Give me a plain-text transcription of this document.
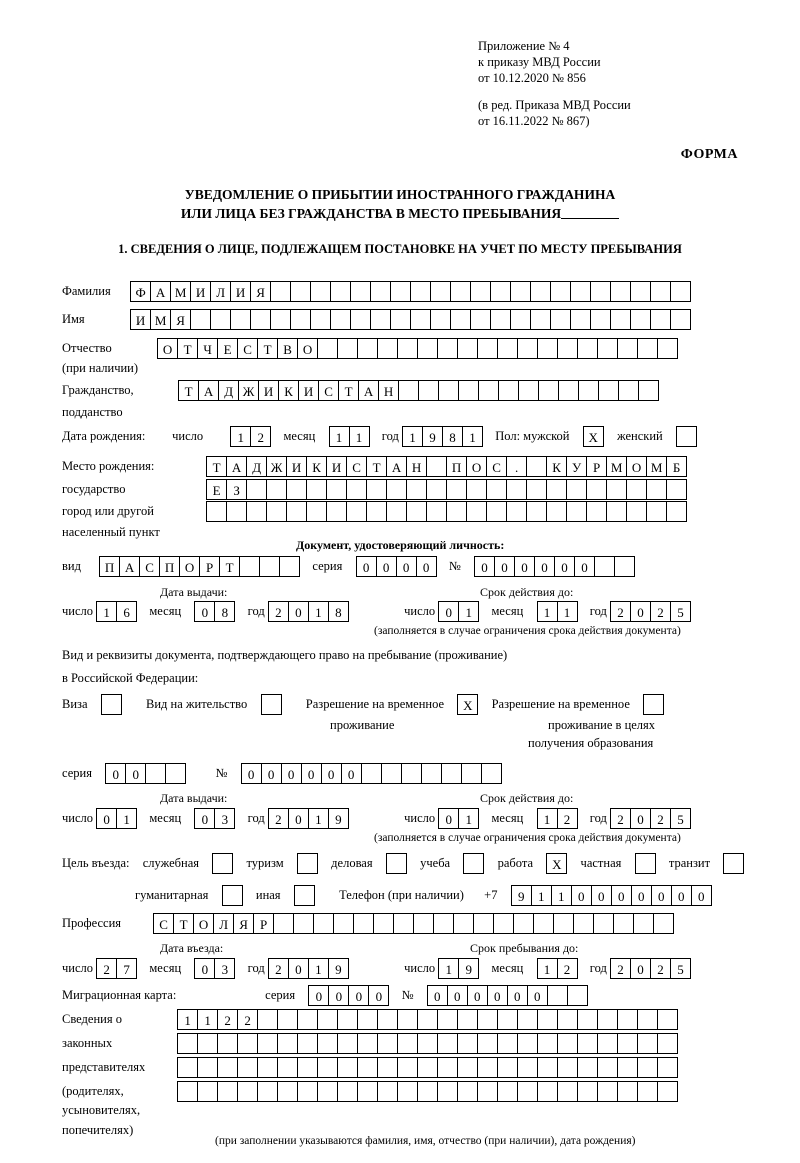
Приложение № 4
к приказу МВД России
от 10.12.2020 № 856
(в ред. Приказа МВД России
от 16.11.2022 № 867)
ФОРМА
УВЕДОМЛЕНИЕ О ПРИБЫТИИ ИНОСТРАННОГО ГРАЖДАНИНА
ИЛИ ЛИЦА БЕЗ ГРАЖДАНСТВА В МЕСТО ПРЕБЫВАНИЯ
1. СВЕДЕНИЯ О ЛИЦЕ, ПОДЛЕЖАЩЕМ ПОСТАНОВКЕ НА УЧЕТ ПО МЕСТУ ПРЕБЫВАНИЯ
Фамилия Ф А М И Л И Я
Имя	И М Я
Отчество	О Т Ч Е С Т В О
(при наличии)
Гражданство,	Т А Д Ж И К И С Т А Н
подданство
Дата рождения: число	1 2 месяц 1 1 год 1 9 8 1 Пол: мужской Х женский
Место рождения:	Т А Д Ж И К И С Т А Н П О С .	К У Р М О М Б
государство	Е З
город или другой
населенный пункт
Документ, удостоверяющий личность:
вид П А С П О Р Т	серия 0 0 0 0 № 0 0 0 0 0 0
Дата выдачи:	Срок действия до:
число 1 6 месяц 0 8 год 2 0 1 8	число 0 1 месяц 1 1 год 2 0 2 5
(заполняется в случае ограничения срока действия документа)
Вид и реквизиты документа, подтверждающего право на пребывание (проживание)
в Российской Федерации:
Виза	Вид на жительство	Разрешение на временное Х Разрешение на временное
проживание	проживание в целях
получения образования
серия 0 0	№ 0 0 0 0 0 0
Дата выдачи:	Срок действия до:
число 0 1 месяц 0 3 год 2 0 1 9	число 0 1 месяц 1 2 год 2 0 2 5
(заполняется в случае ограничения срока действия документа)
Цель въезда: служебная	туризм	деловая	учеба	работа Х частная	транзит
гуманитарная	иная	Телефон (при наличии) +7 9 1 1 0 0 0 0 0 0 0
Профессия	С Т О Л Я Р
Дата въезда:	Срок пребывания до:
число 2 7 месяц 0 3 год 2 0 1 9	число 1 9 месяц 1 2 год 2 0 2 5
Миграционная карта:	серия 0 0 0 0 № 0 0 0 0 0 0
Сведения о	1 1 2 2
законных
представителях
(родителях,
усыновителях,
попечителях)
(при заполнении указываются фамилия, имя, отчество (при наличии), дата рождения)
